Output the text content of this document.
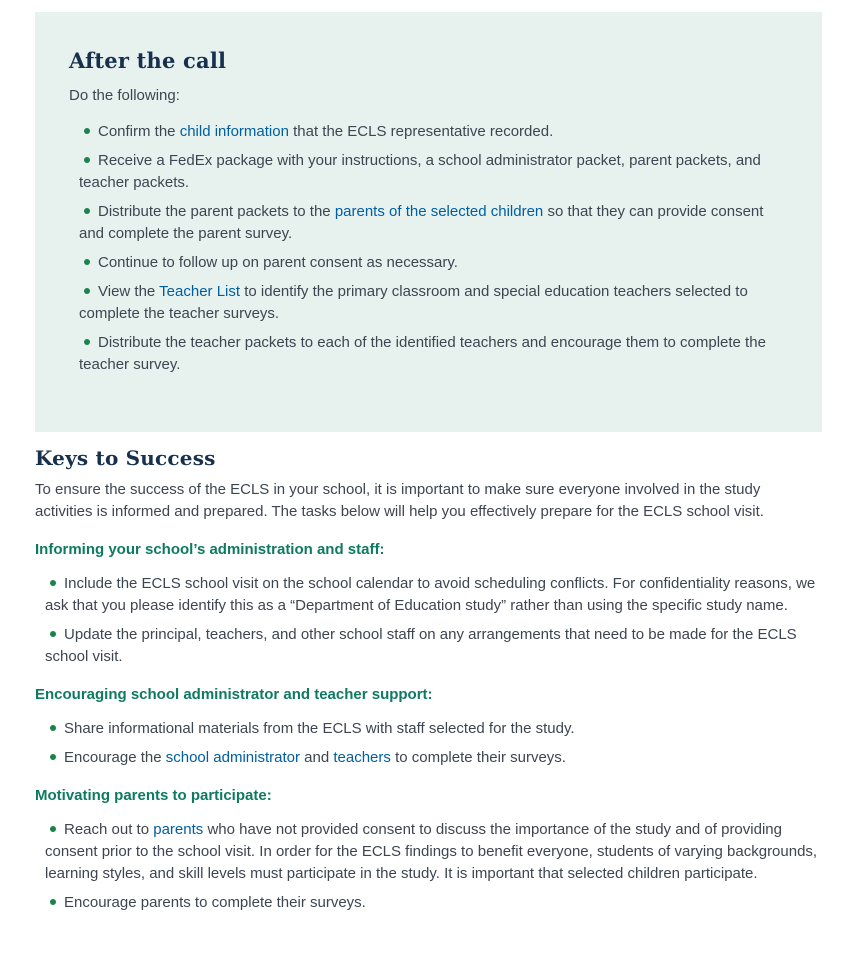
After the call

Do the following:

Confirm the child information that the ECLS representative recorded.
Receive a FedEx package with your instructions, a school administrator packet, parent packets, and teacher packets.
Distribute the parent packets to the parents of the selected children so that they can provide consent and complete the parent survey.
Continue to follow up on parent consent as necessary.
View the Teacher List to identify the primary classroom and special education teachers selected to complete the teacher surveys.
Distribute the teacher packets to each of the identified teachers and encourage them to complete the teacher survey.
Keys to Success

To ensure the success of the ECLS in your school, it is important to make sure everyone involved in the study activities is informed and prepared. The tasks below will help you effectively prepare for the ECLS school visit.

Informing your school’s administration and staff:
Include the ECLS school visit on the school calendar to avoid scheduling conflicts. For confidentiality reasons, we ask that you please identify this as a “Department of Education study” rather than using the specific study name.
Update the principal, teachers, and other school staff on any arrangements that need to be made for the ECLS school visit.
Encouraging school administrator and teacher support:
Share informational materials from the ECLS with staff selected for the study.
Encourage the school administrator and teachers to complete their surveys.
Motivating parents to participate:
Reach out to parents who have not provided consent to discuss the importance of the study and of providing consent prior to the school visit. In order for the ECLS findings to benefit everyone, students of varying backgrounds, learning styles, and skill levels must participate in the study. It is important that selected children participate.
Encourage parents to complete their surveys.
